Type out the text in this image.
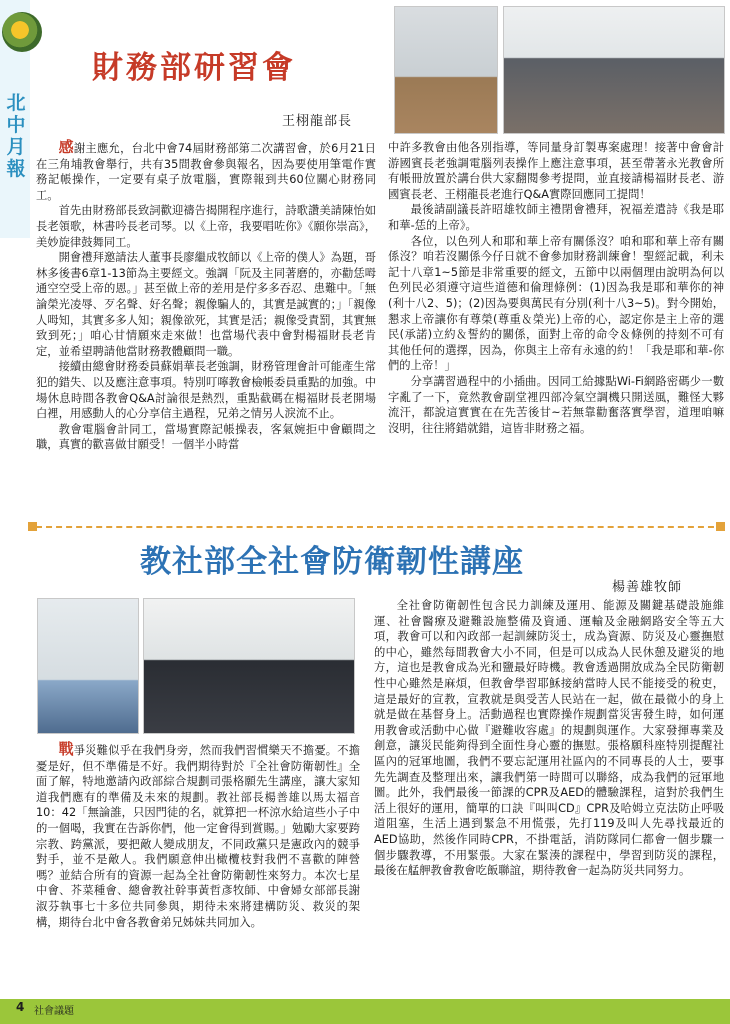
北中月報
財務部研習會
王栩龍部長

感謝主應允，台北中會74屆財務部第二次講習會，於6月21日在三角埔教會舉行，共有35間教會參與報名，因為要使用筆電作實務記帳操作，一定要有桌子放電腦，實際報到共60位關心財務同工。

首先由財務部長致詞歡迎禱告揭開程序進行，詩歌讚美請陳怡如長老領歌，林書吟長老司琴。以《上帝，我要唱咗你》《願你崇高》，美妙旋律鼓舞同工。

開會禮拜邀請法人董事長廖繼成牧師以《上帝的僕人》為題，哥林多後書6章1-13節為主要經文。強調「阮及主同著磨的，亦勸恁呣通空空受上帝的恩。」甚至做上帝的差用是佇多多吞忍、患難中。「無論榮光凌辱、歹名聲、好名聲；親像騙人的，其實是誠實的；」「親像人呣知，其實多多人知；親像欲死，其實是活；親像受責罰，其實無致到死；」咱心甘情願來走來做！也當場代表中會對楊福財長老肯定，並希望聘請他當財務教體顧問一職。

接續由總會財務委員蘇娟華長老強調，財務管理會計可能產生常犯的錯失、以及應注意事項。特別叮嚀教會檢帳委員重點的加強。中場休息時間各教會Q&A討論很是熱烈，重點截碼在楊福財長老開場白裡，用感動人的心分享信主過程，兄弟之情另人淚流不止。

教會電腦會計同工，當場實際記帳操表，客氣婉拒中會顧問之職，真實的歡喜做甘願受！一個半小時當

中許多教會由他各別指導，等同量身訂製專案處理！接著中會會計游國賓長老強調電腦列表操作上應注意事項，甚至帶著永光教會所有帳冊放置於講台供大家翻閱參考提問，並直接請楊福財長老、游國賓長老、王栩龍長老進行Q&A實際回應同工提問！

最後請副議長許昭雄牧師主禮閉會禮拜，祝福差遣詩《我是耶和華-恁的上帝》。

各位，以色列人和耶和華上帝有關係沒？咱和耶和華上帝有關係沒？咱若沒關係今仔日就不會參加財務訓練會！聖經記載，利未記十八章1~5節是非常重要的經文，五節中以兩個理由說明為何以色列民必須遵守這些道德和倫理條例：(1)因為我是耶和華你的神(利十八2、5)；(2)因為要與萬民有分別(利十八3~5)。對今開始，懇求上帝讓你有尊榮(尊重＆榮光)上帝的心，認定你是主上帝的選民(承諾)立約＆誓約的關係，面對上帝的命令＆條例的持刻不可有其他任何的選擇，因為，你與主上帝有永遠的約！「我是耶和華-你們的上帝！」

分享講習過程中的小插曲。因同工給據點Wi-Fi網路密碼少一數字亂了一下，竟然教會副堂裡四部冷氣空調機只開送風，難怪大夥流汗，都說這實實在在先苦後甘~若無靠勸奮落實學習，道理咱嘛沒明，往往將錯就錯，這皆非財務之福。

教社部全社會防衛韌性講座
楊善雄牧師

戰爭災難似乎在我們身旁，然而我們習慣樂天不擔憂。不擔憂是好，但不準備是不好。我們期待對於『全社會防衛韌性』全面了解，特地邀請內政部綜合規劃司張格願先生講座，讓大家知道我們應有的準備及未來的規劃。教社部長楊善雄以馬太福音10：42「無論誰，只因門徒的名，就算把一杯涼水給這些小子中的一個喝，我實在告訴你們，他一定會得到賞賜。」勉勵大家要跨宗教、跨黨派，要把敵人變成朋友，不同政黨只是憲政內的競爭對手，並不是敵人。我們願意伸出橄欖枝對我們不喜歡的陣營嗎？並結合所有的資源一起為全社會防衛韌性來努力。本次七星中會、芥菜種會、總會教社幹事黃哲彥牧師、中會婦女部部長謝淑芬執事七十多位共同參與，期待未來將建構防災、救災的架構，期待台北中會各教會弟兄姊妹共同加入。

全社會防衛韌性包含民力訓練及運用、能源及關鍵基礎設施維運、社會醫療及避難設施整備及資通、運輸及金融網路安全等五大項，教會可以和內政部一起訓練防災士，成為資源、防災及心靈撫慰的中心，雖然每間教會大小不同，但是可以成為人民休憩及避災的地方，這也是教會成為光和鹽最好時機。教會透過開放成為全民防衛韌性中心雖然是麻煩，但教會學習耶穌接納當時人民不能接受的稅吏，這是最好的宣教，宣教就是與受苦人民站在一起，做在最微小的身上就是做在基督身上。活動過程也實際操作規劃當災害發生時，如何運用教會或活動中心做『避難收容處』的規劃與運作。大家發揮專業及創意，讓災民能夠得到全面性身心靈的撫慰。張格願科座特別提醒社區內的冠軍地圖，我們不要忘記運用社區內的不同專長的人士，要事先先調查及整理出來，讓我們第一時間可以聯絡，成為我們的冠軍地圖。此外，我們最後一節課的CPR及AED的體驗課程，這對於我們生活上很好的運用，簡單的口訣『叫叫CD』CPR及哈姆立克法防止呼吸道阻塞，生活上遇到緊急不用慌張，先打119及叫人先尋找最近的AED協助，然後作同時CPR，不掛電話，消防隊同仁都會一個步驟一個步驟教導，不用緊張。大家在緊湊的課程中，學習到防災的課程，最後在艋舺教會教會吃飯聯誼，期待教會一起為防災共同努力。

4 社會議題
